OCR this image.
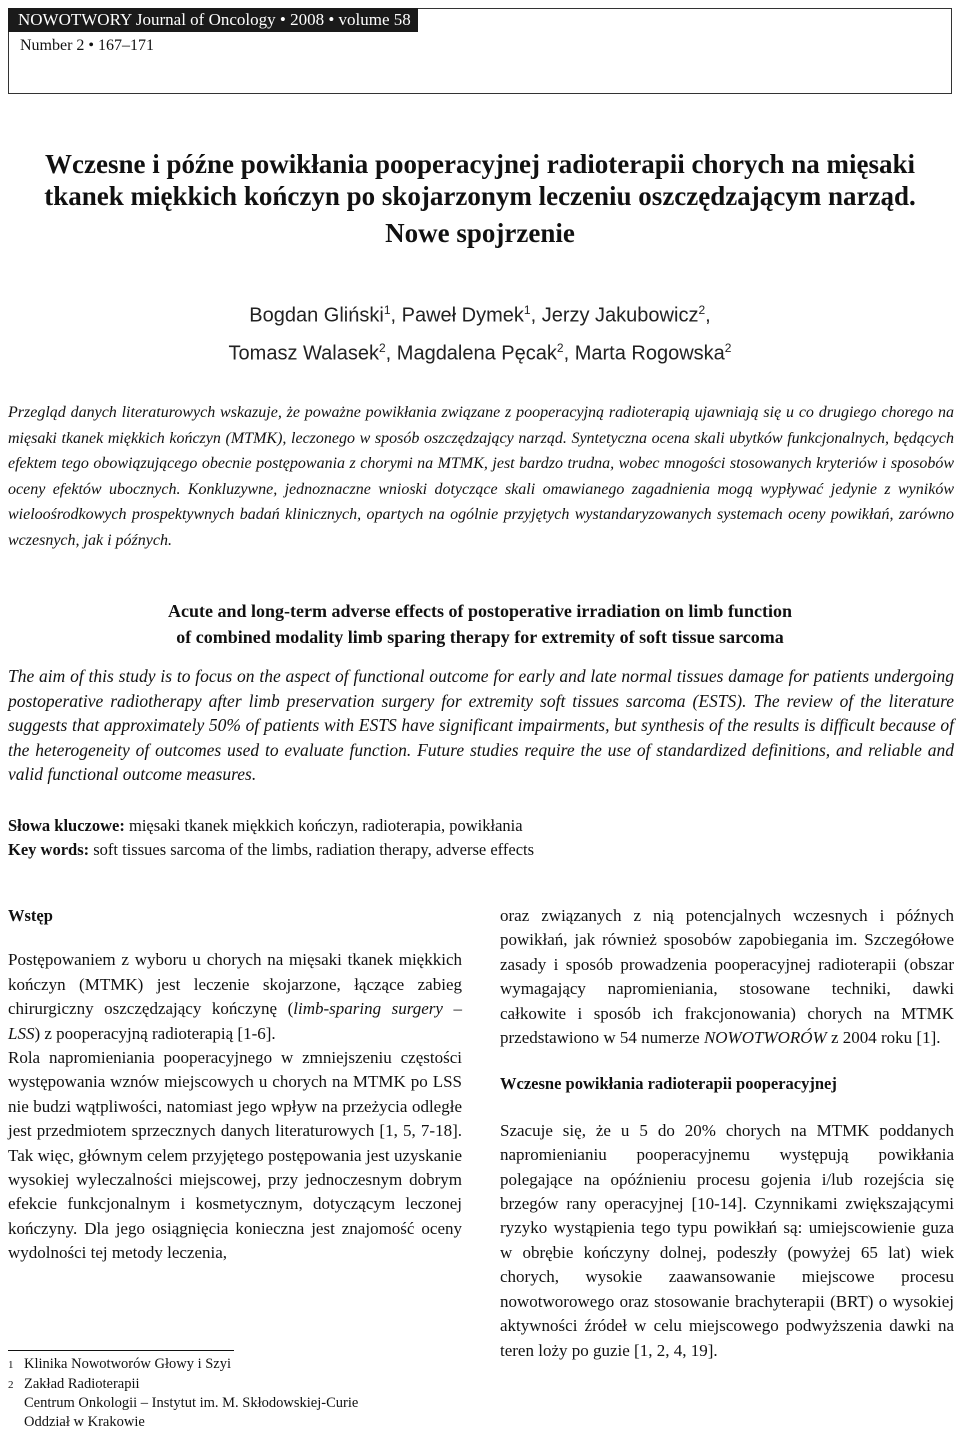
NOWOTWORY Journal of Oncology • 2008 • volume 58
Number 2 • 167–171
Wczesne i późne powikłania pooperacyjnej radioterapii chorych na mięsaki
tkanek miękkich kończyn po skojarzonym leczeniu oszczędzającym narząd.
Nowe spojrzenie
Bogdan Gliński$^1$, Paweł Dymek$^1$, Jerzy Jakubowicz$^2$,
Tomasz Walasek$^2$, Magdalena Pęcak$^2$, Marta Rogowska$^2$

Przegląd danych literaturowych wskazuje, że poważne powikłania związane z pooperacyjną radioterapią ujawniają się u co drugiego chorego na mięsaki tkanek miękkich kończyn (MTMK), leczonego w sposób oszczędzający narząd. Syntetyczna ocena skali ubytków funkcjonalnych, będących efektem tego obowiązującego obecnie postępowania z chorymi na MTMK, jest bardzo trudna, wobec mnogości stosowanych kryteriów i sposobów oceny efektów ubocznych. Konkluzywne, jednoznaczne wnioski dotyczące skali omawianego zagadnienia mogą wypływać jedynie z wyników wieloośrodkowych prospektywnych badań klinicznych, opartych na ogólnie przyjętych wystandaryzowanych systemach oceny powikłań, zarówno wczesnych, jak i późnych.

Acute and long-term adverse effects of postoperative irradiation on limb function
of combined modality limb sparing therapy for extremity of soft tissue sarcoma

The aim of this study is to focus on the aspect of functional outcome for early and late normal tissues damage for patients undergoing postoperative radiotherapy after limb preservation surgery for extremity soft tissues sarcoma (ESTS). The review of the literature suggests that approximately 50% of patients with ESTS have significant impairments, but synthesis of the results is difficult because of the heterogeneity of outcomes used to evaluate function. Future studies require the use of standardized definitions, and reliable and valid functional outcome measures.

Słowa kluczowe: mięsaki tkanek miękkich kończyn, radioterapia, powikłania
Key words: soft tissues sarcoma of the limbs, radiation therapy, adverse effects
Wstęp

Postępowaniem z wyboru u chorych na mięsaki tkanek miękkich kończyn (MTMK) jest leczenie skojarzone, łączące zabieg chirurgiczny oszczędzający kończynę (limb-sparing surgery – LSS) z pooperacyjną radioterapią [1-6].

Rola napromieniania pooperacyjnego w zmniejszeniu częstości występowania wznów miejscowych u chorych na MTMK po LSS nie budzi wątpliwości, natomiast jego wpływ na przeżycia odległe jest przedmiotem sprzecznych danych literaturowych [1, 5, 7-18]. Tak więc, głównym celem przyjętego postępowania jest uzyskanie wysokiej wyleczalności miejscowej, przy jednoczesnym dobrym efekcie funkcjonalnym i kosmetycznym, dotyczącym leczonej kończyny. Dla jego osiągnięcia konieczna jest znajomość oceny wydolności tej metody leczenia,

oraz związanych z nią potencjalnych wczesnych i późnych powikłań, jak również sposobów zapobiegania im. Szczegółowe zasady i sposób prowadzenia pooperacyjnej radioterapii (obszar wymagający napromieniania, stosowane techniki, dawki całkowite i sposób ich frakcjonowania) chorych na MTMK przedstawiono w 54 numerze NOWOTWORÓW z 2004 roku [1].

Wczesne powikłania radioterapii pooperacyjnej

Szacuje się, że u 5 do 20% chorych na MTMK poddanych napromienianiu pooperacyjnemu występują powikłania polegające na opóźnieniu procesu gojenia i/lub rozejścia się brzegów rany operacyjnej [10-14]. Czynnikami zwiększającymi ryzyko wystąpienia tego typu powikłań są: umiejscowienie guza w obrębie kończyny dolnej, podeszły (powyżej 65 lat) wiek chorych, wysokie zaawansowanie miejscowe procesu nowotworowego oraz stosowanie brachyterapii (BRT) o wysokiej aktywności źródeł w celu miejscowego podwyższenia dawki na teren loży po guzie [1, 2, 4, 19].

1 Klinika Nowotworów Głowy i Szyi
2 Zakład Radioterapii
Centrum Onkologii – Instytut im. M. Skłodowskiej-Curie
Oddział w Krakowie
